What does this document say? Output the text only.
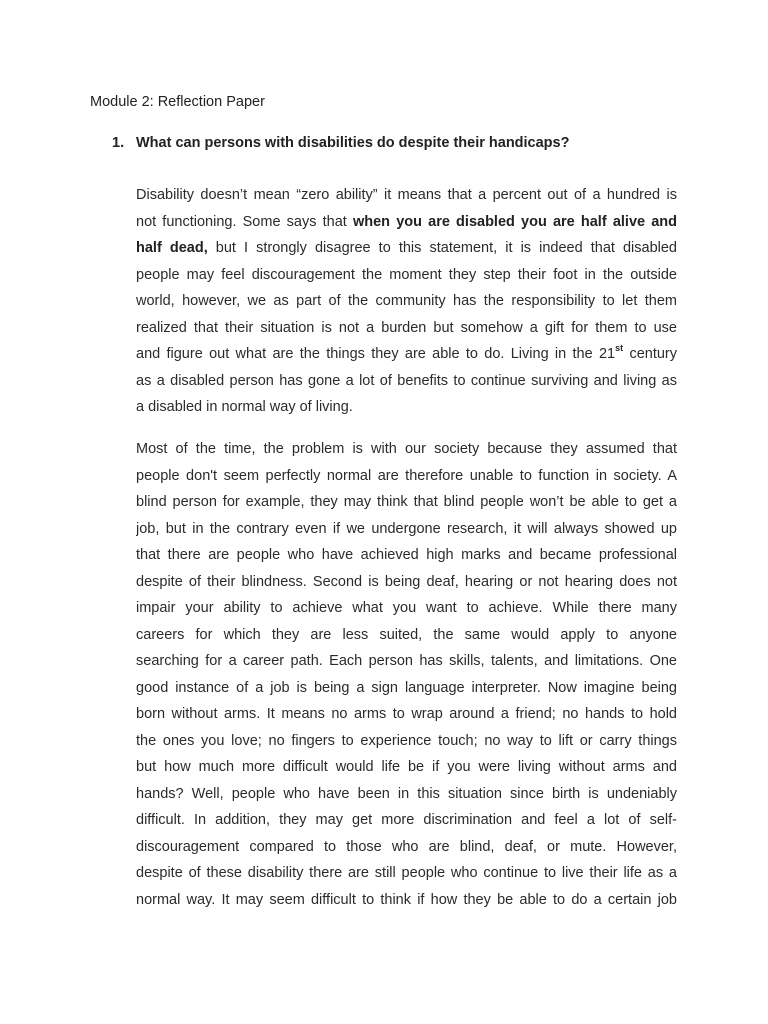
Module 2: Reflection Paper
1. What can persons with disabilities do despite their handicaps?
Disability doesn’t mean “zero ability” it means that a percent out of a hundred is
not functioning. Some says that when you are disabled you are half alive and
half dead, but I strongly disagree to this statement, it is indeed that disabled
people may feel discouragement the moment they step their foot in the outside
world, however, we as part of the community has the responsibility to let them
realized that their situation is not a burden but somehow a gift for them to use
and figure out what are the things they are able to do. Living in the 21st century
as a disabled person has gone a lot of benefits to continue surviving and living as
a disabled in normal way of living.
Most of the time, the problem is with our society because they assumed that
people don't seem perfectly normal are therefore unable to function in society. A
blind person for example, they may think that blind people won’t be able to get a
job, but in the contrary even if we undergone research, it will always showed up
that there are people who have achieved high marks and became professional
despite of their blindness. Second is being deaf, hearing or not hearing does not
impair your ability to achieve what you want to achieve. While there many
careers for which they are less suited, the same would apply to anyone
searching for a career path. Each person has skills, talents, and limitations. One
good instance of a job is being a sign language interpreter. Now imagine being
born without arms. It means no arms to wrap around a friend; no hands to hold
the ones you love; no fingers to experience touch; no way to lift or carry things
but how much more difficult would life be if you were living without arms and
hands? Well, people who have been in this situation since birth is undeniably
difficult. In addition, they may get more discrimination and feel a lot of self-
discouragement compared to those who are blind, deaf, or mute. However,
despite of these disability there are still people who continue to live their life as a
normal way. It may seem difficult to think if how they be able to do a certain job
